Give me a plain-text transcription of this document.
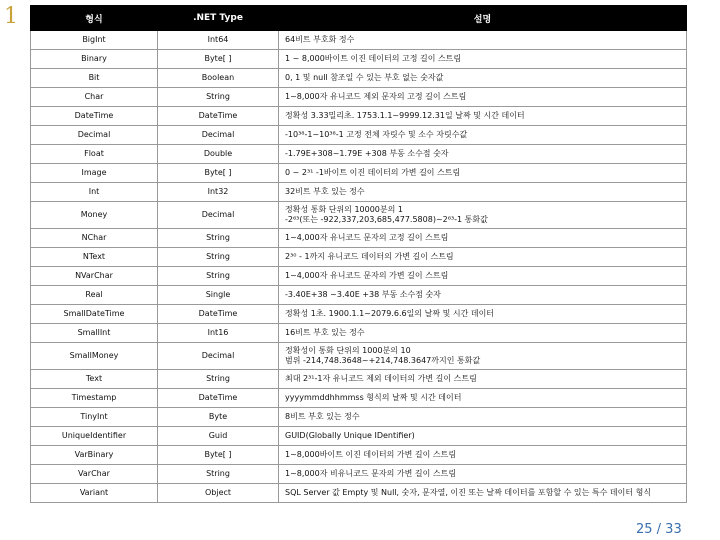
1	형식	.NET Type	설명
BigInt	Int64	64비트 부호화 정수
Binary	Byte[ ]	1 ~ 8,000바이트 이진 데이터의 고정 길이 스트림
Bit	Boolean	0, 1 및 null 참조일 수 있는 부호 없는 숫자값
Char	String	1~8,000자 유니코드 제외 문자의 고정 길이 스트림
DateTime	DateTime	정확성 3.33밀리초. 1753.1.1~9999.12.31일 날짜 및 시간 데이터
Decimal	Decimal	-10³⁸-1~10³⁸-1 고정 전체 자릿수 및 소수 자릿수값
Float	Double	-1.79E+308~1.79E +308 부동 소수점 숫자
Image	Byte[ ]	0 ~ 2³¹ -1바이트 이진 데이터의 가변 길이 스트림
Int	Int32	32비트 부호 있는 정수
Money	Decimal	정확성 통화 단위의 10000분의 1
-2⁶³(또는 -922,337,203,685,477.5808)~2⁶³-1 통화값
NChar	String	1~4,000자 유니코드 문자의 고정 길이 스트림
NText	String	2³⁰ - 1까지 유니코드 데이터의 가변 길이 스트림
NVarChar	String	1~4,000자 유니코드 문자의 가변 길이 스트림
Real	Single	-3.40E+38 ~3.40E +38 부동 소수점 숫자
SmallDateTime	DateTime	정확성 1초. 1900.1.1~2079.6.6일의 날짜 및 시간 데이터
SmallInt	Int16	16비트 부호 있는 정수
SmallMoney	Decimal	정확성이 통화 단위의 1000분의 10
범위 -214,748.3648~+214,748.3647까지인 통화값
Text	String	최대 2³¹-1자 유니코드 제외 데이터의 가변 길이 스트림
Timestamp	DateTime	yyyymmddhhmmss 형식의 날짜 및 시간 데이터
TinyInt	Byte	8비트 부호 있는 정수
UniqueIdentifier	Guid	GUID(Globally Unique IDentifier)
VarBinary	Byte[ ]	1~8,000바이트 이진 데이터의 가변 길이 스트림
VarChar	String	1~8,000자 비유니코드 문자의 가변 길이 스트림
Variant	Object	SQL Server 값 Empty 및 Null, 숫자, 문자열, 이진 또는 날짜 데이터를 포함할 수 있는 특수 데이터 형식
25 / 33
